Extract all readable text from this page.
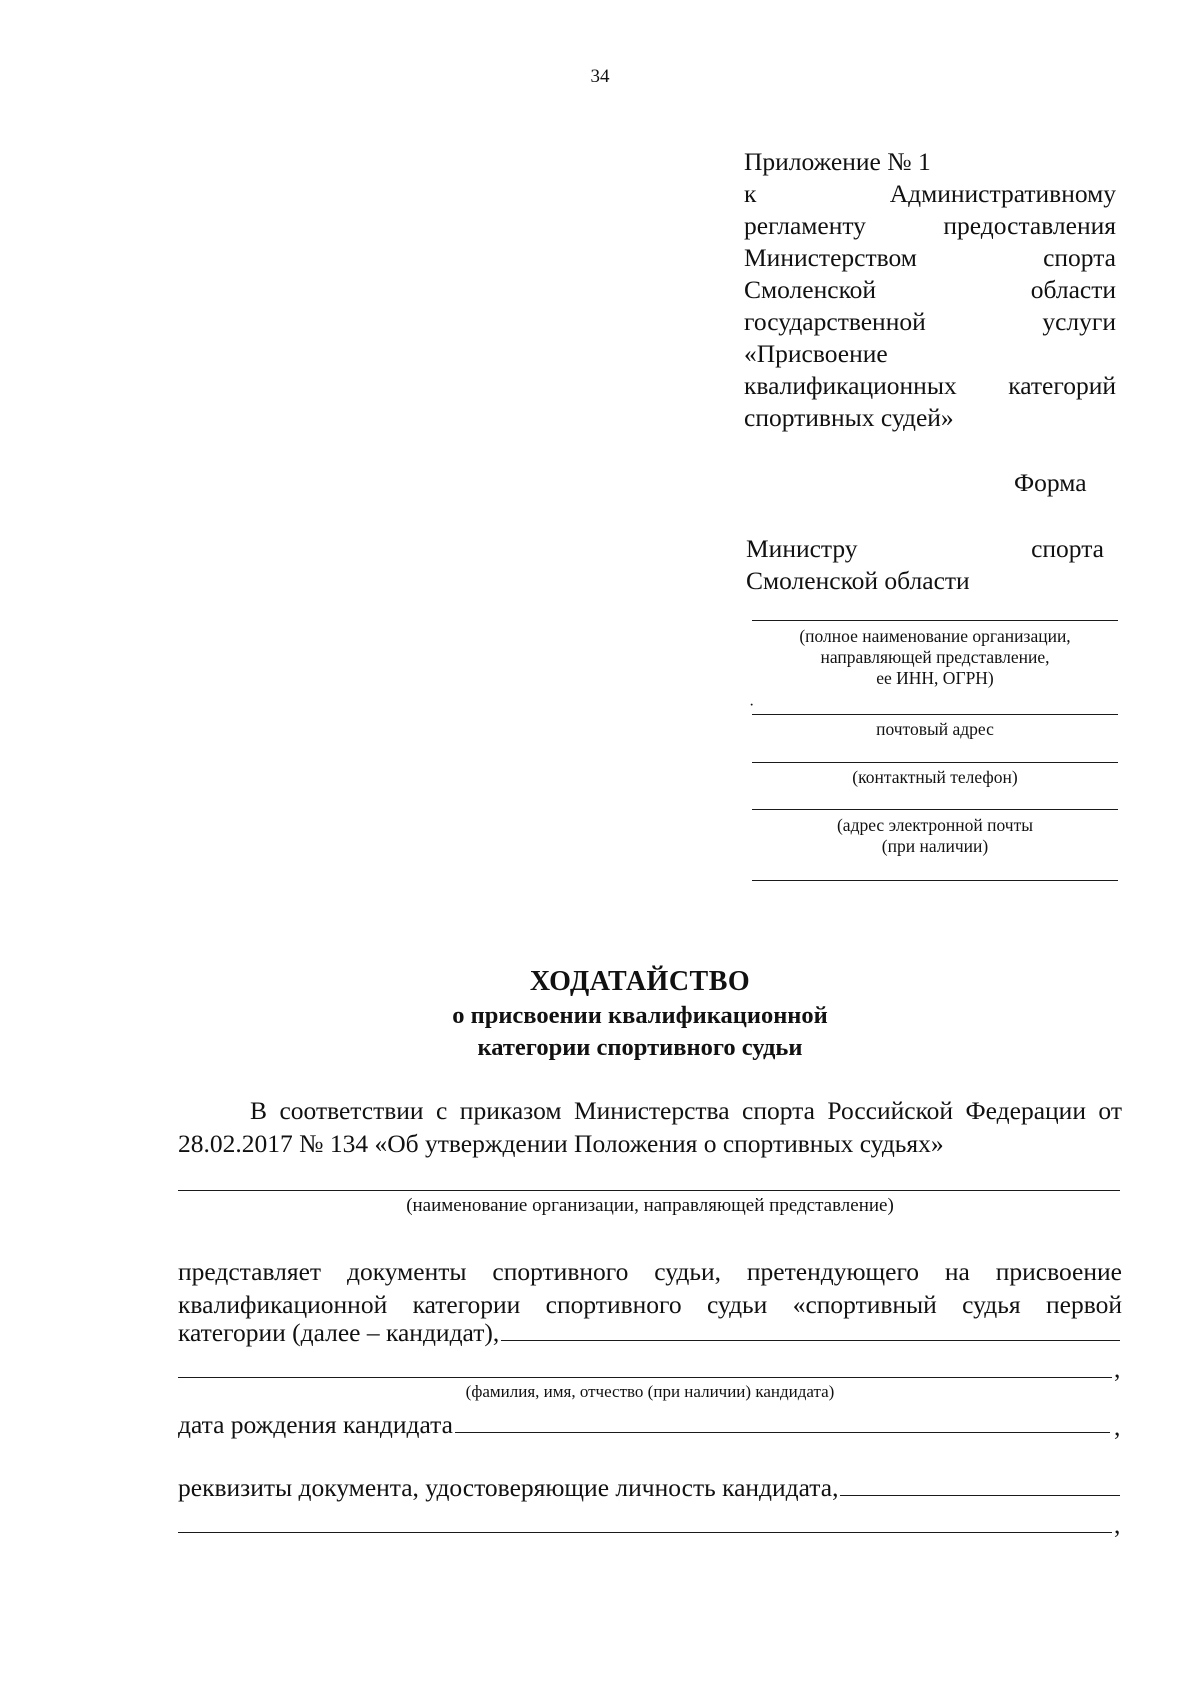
34
Приложение № 1
к	Административному
регламенту	предоставления
Министерством	спорта
Смоленской	области
государственной	услуги
«Присвоение
квалификационных категорий
спортивных судей»
Форма
Министру	спорта
Смоленской области
(полное наименование организации,
направляющей представление,
ее ИНН, ОГРН)
·
почтовый адрес
(контактный телефон)
(адрес электронной почты
(при наличии)
ХОДАТАЙСТВО
о присвоении квалификационной
категории спортивного судьи
В соответствии с приказом Министерства спорта Российской Федерации от 28.02.2017 № 134 «Об утверждении Положения о спортивных судьях»
(наименование организации, направляющей представление)
представляет документы спортивного судьи, претендующего на присвоение
квалификационной категории спортивного судьи «спортивный судья первой
категории (далее – кандидат),
,
(фамилия, имя, отчество (при наличии) кандидата)
дата рождения кандидата	,
реквизиты документа, удостоверяющие личность кандидата,
,
